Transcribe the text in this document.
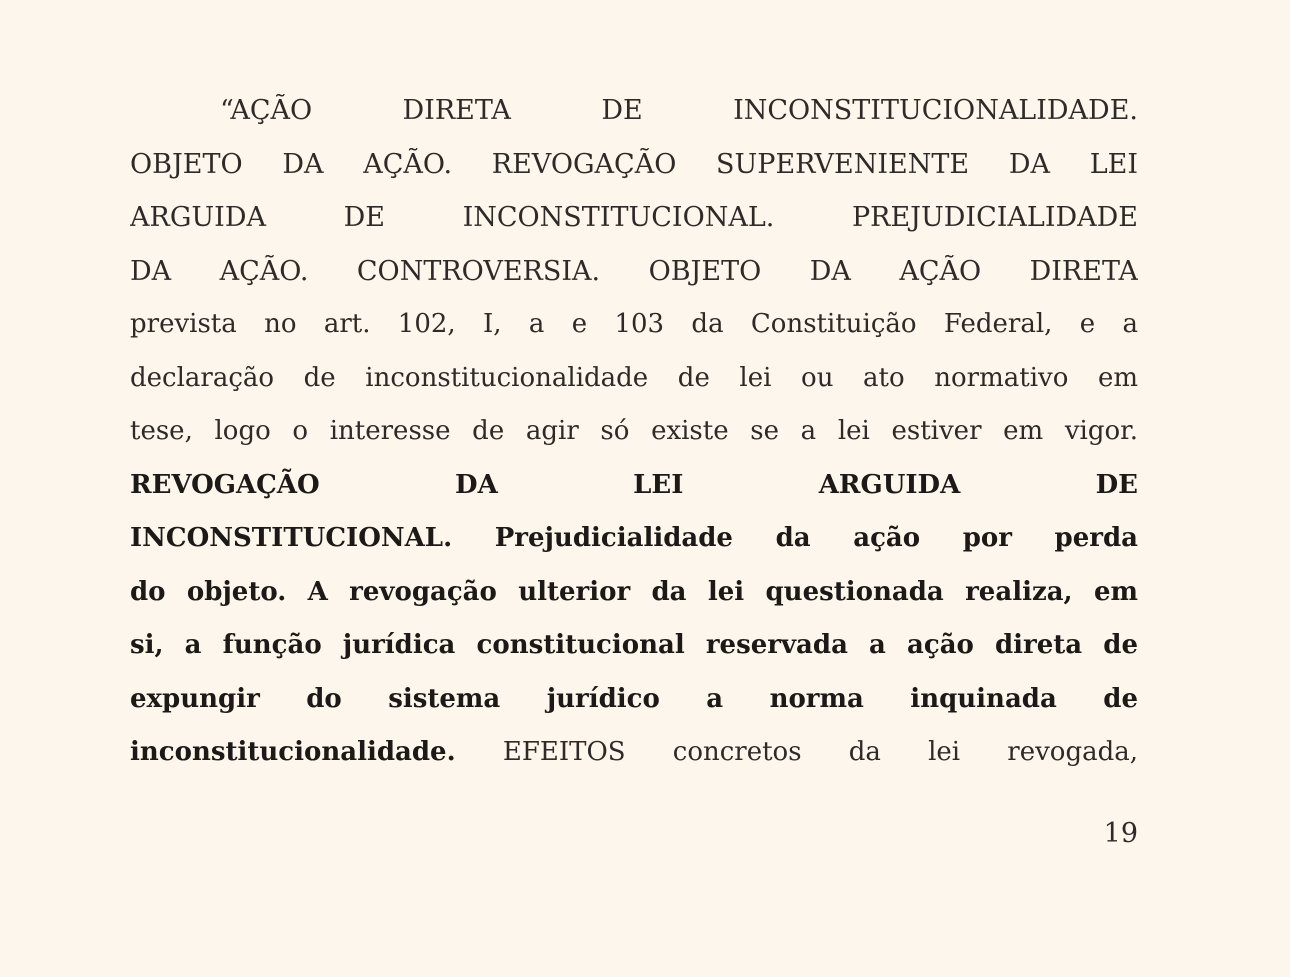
“AÇÃO DIRETA DE INCONSTITUCIONALIDADE.
OBJETO DA AÇÃO. REVOGAÇÃO SUPERVENIENTE DA LEI
ARGUIDA DE INCONSTITUCIONAL. PREJUDICIALIDADE
DA AÇÃO. CONTROVERSIA. OBJETO DA AÇÃO DIRETA
prevista no art. 102, I, a e 103 da Constituição Federal, e a
declaração de inconstitucionalidade de lei ou ato normativo em
tese, logo o interesse de agir só existe se a lei estiver em vigor.
REVOGAÇÃO DA LEI ARGUIDA DE
INCONSTITUCIONAL. Prejudicialidade da ação por perda
do objeto. A revogação ulterior da lei questionada realiza, em
si, a função jurídica constitucional reservada a ação direta de
expungir do sistema jurídico a norma inquinada de
inconstitucionalidade. EFEITOS concretos da lei revogada,
19
